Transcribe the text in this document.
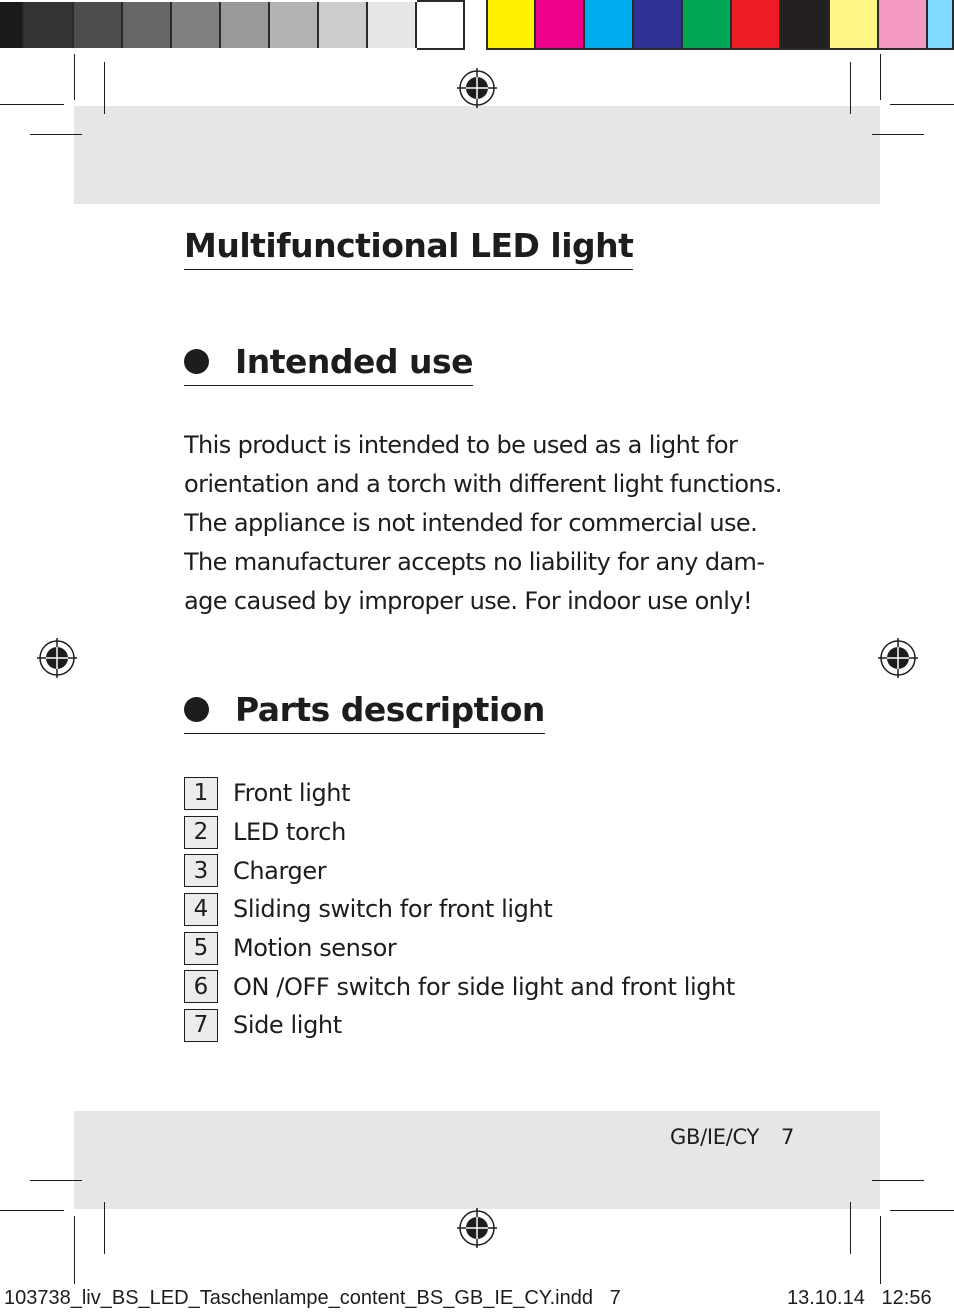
Multifunctional LED light
Intended use

This product is intended to be used as a light for
orientation and a torch with different light functions.
The appliance is not intended for commercial use.
The manufacturer accepts no liability for any dam-
age caused by improper use. For indoor use only!

Parts description
1	Front light
2	LED torch
3	Charger
4	Sliding switch for front light
5	Motion sensor
6	ON /OFF switch for side light and front light
7	Side light
GB/IE/CY 7
103738_liv_BS_LED_Taschenlampe_content_BS_GB_IE_CY.indd   7	13.10.14   12:56
